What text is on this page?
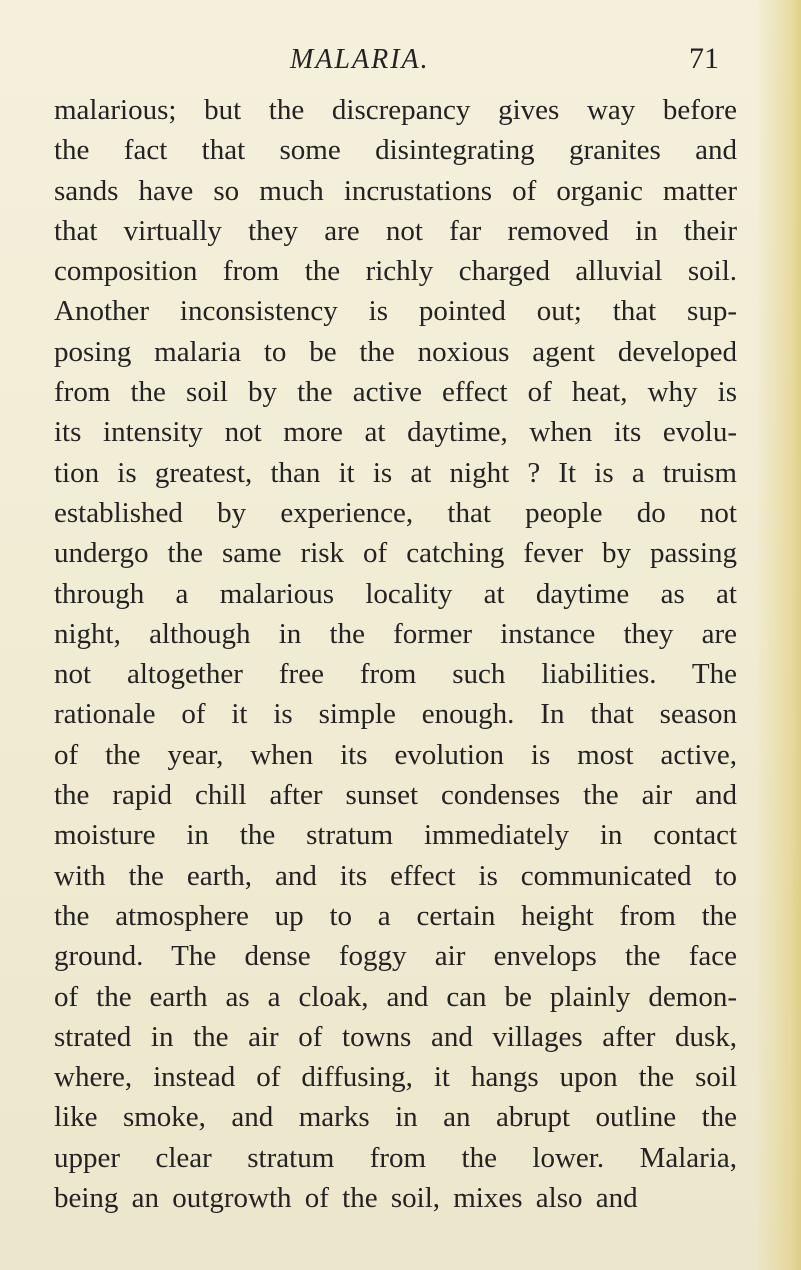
MALARIA.	71
malarious; but the discrepancy gives way before
the fact that some disintegrating granites and
sands have so much incrustations of organic matter
that virtually they are not far removed in their
composition from the richly charged alluvial soil.
Another inconsistency is pointed out; that sup-
posing malaria to be the noxious agent developed
from the soil by the active effect of heat, why is
its intensity not more at daytime, when its evolu-
tion is greatest, than it is at night ? It is a truism
established by experience, that people do not
undergo the same risk of catching fever by passing
through a malarious locality at daytime as at
night, although in the former instance they are
not altogether free from such liabilities. The
rationale of it is simple enough. In that season
of the year, when its evolution is most active,
the rapid chill after sunset condenses the air and
moisture in the stratum immediately in contact
with the earth, and its effect is communicated to
the atmosphere up to a certain height from the
ground. The dense foggy air envelops the face
of the earth as a cloak, and can be plainly demon-
strated in the air of towns and villages after dusk,
where, instead of diffusing, it hangs upon the soil
like smoke, and marks in an abrupt outline the
upper clear stratum from the lower. Malaria,
being an outgrowth of the soil, mixes also and
